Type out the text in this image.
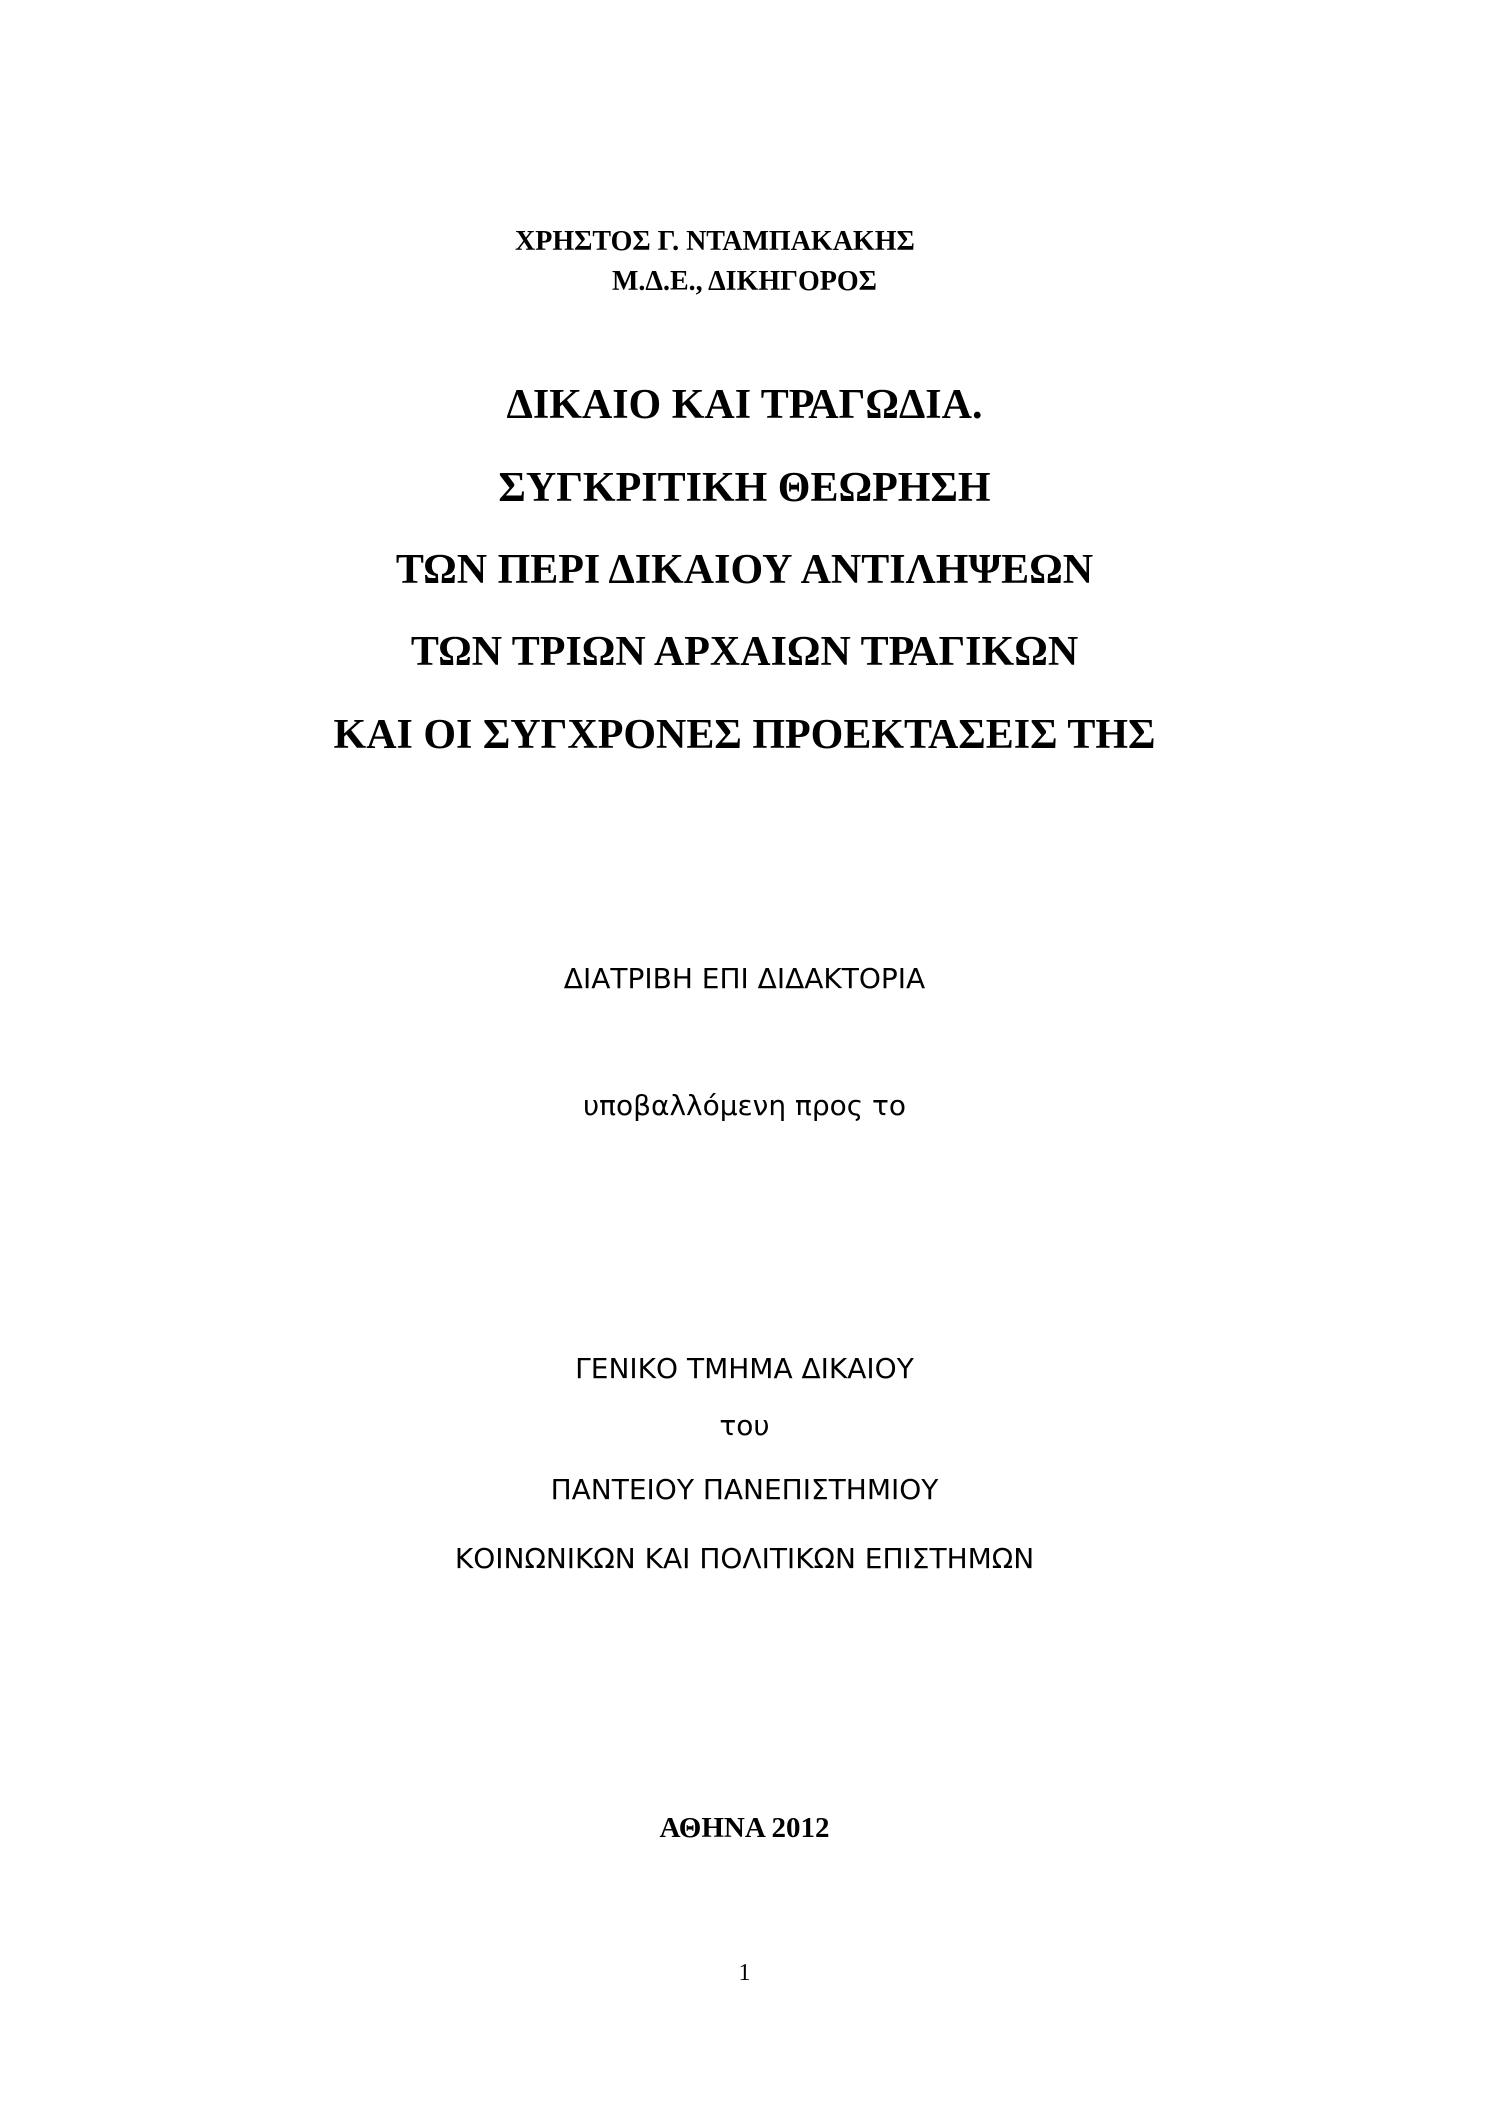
ΧΡΗΣΤΟΣ Γ. ΝΤΑΜΠΑΚΑΚΗΣ
Μ.Δ.Ε., ΔΙΚΗΓΟΡΟΣ
ΔΙΚΑΙΟ ΚΑΙ ΤΡΑΓΩΔΙΑ.
ΣΥΓΚΡΙΤΙΚΗ ΘΕΩΡΗΣΗ
ΤΩΝ ΠΕΡΙ ΔΙΚΑΙΟΥ ΑΝΤΙΛΗΨΕΩΝ
ΤΩΝ ΤΡΙΩΝ ΑΡΧΑΙΩΝ ΤΡΑΓΙΚΩΝ
ΚΑΙ ΟΙ ΣΥΓΧΡΟΝΕΣ ΠΡΟΕΚΤΑΣΕΙΣ ΤΗΣ
ΔΙΑΤΡΙΒΗ ΕΠΙ ΔΙΔΑΚΤΟΡΙΑ
υποβαλλόμενη προς το
ΓΕΝΙΚΟ ΤΜΗΜΑ ΔΙΚΑΙΟΥ
του
ΠΑΝΤΕΙΟΥ ΠΑΝΕΠΙΣΤΗΜΙΟΥ
ΚΟΙΝΩΝΙΚΩΝ ΚΑΙ ΠΟΛΙΤΙΚΩΝ ΕΠΙΣΤΗΜΩΝ
ΑΘΗΝΑ 2012
1
